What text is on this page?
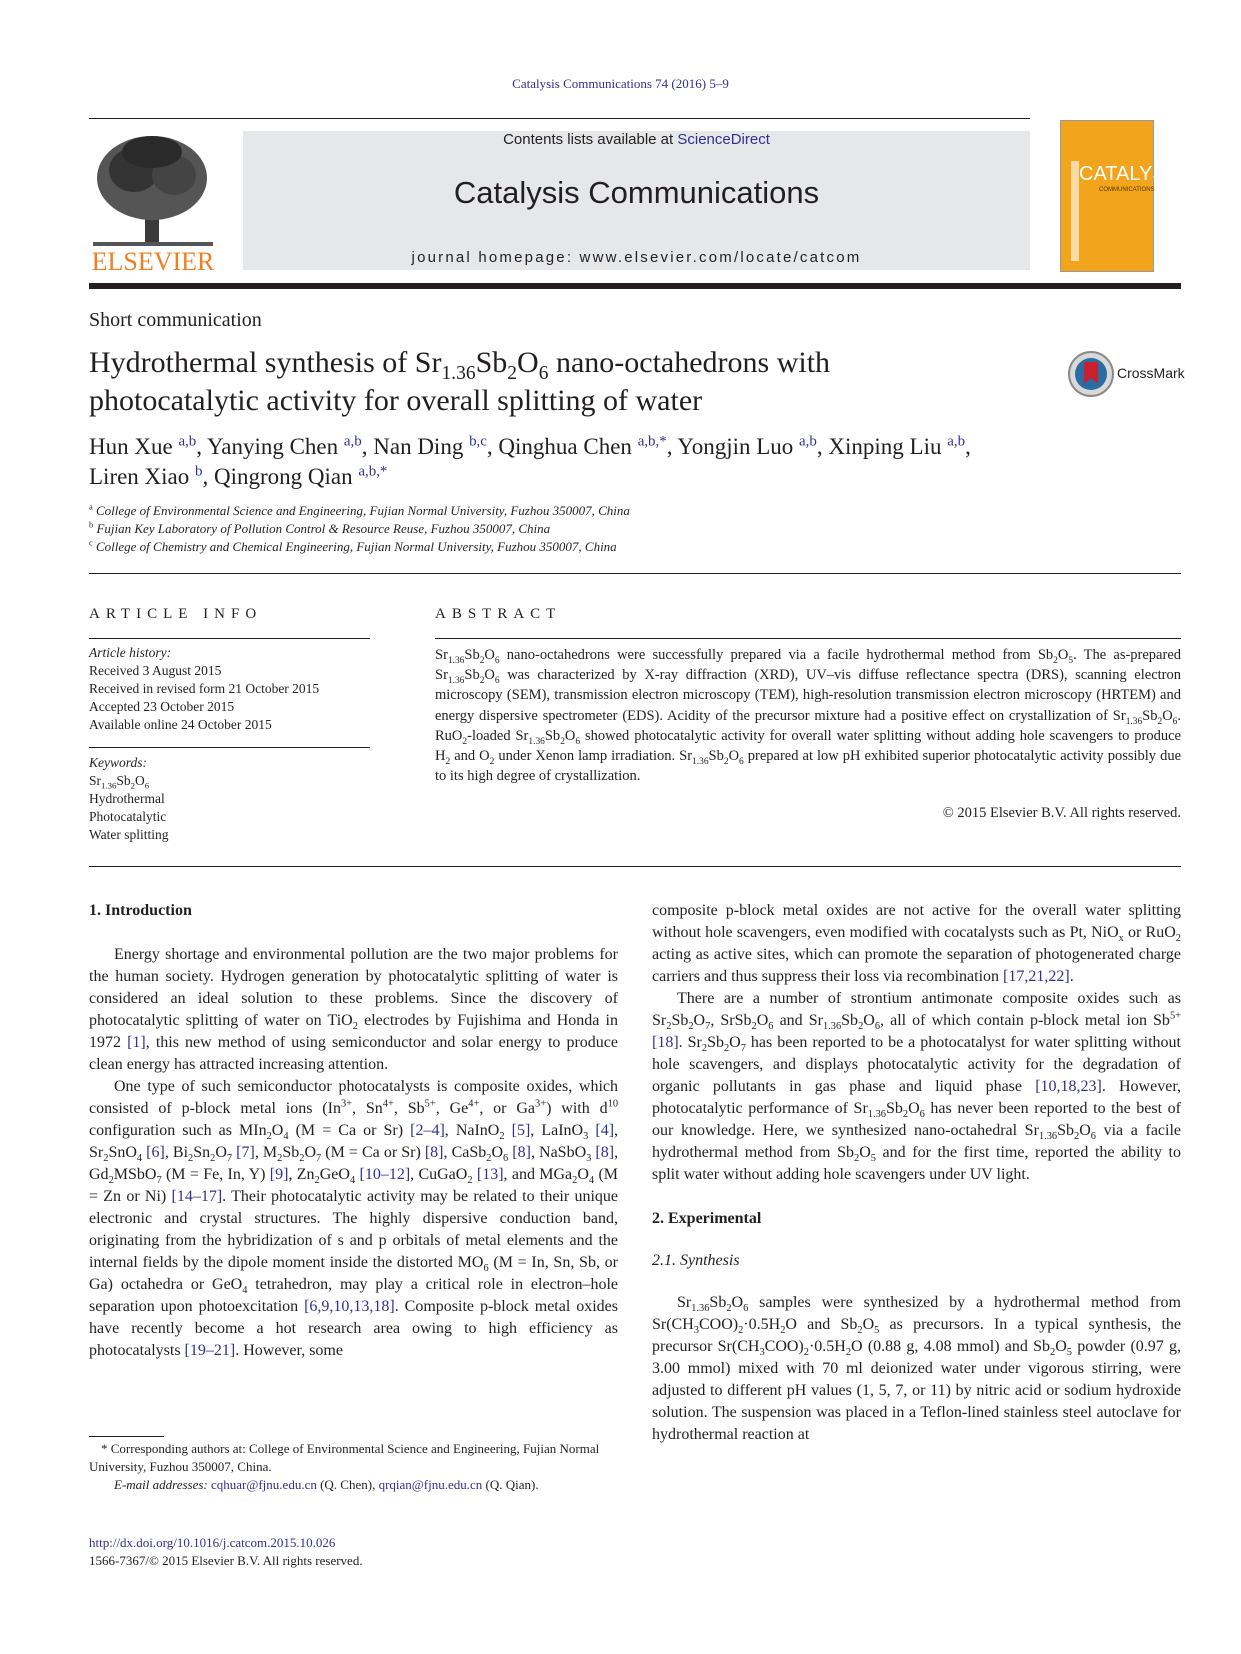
Catalysis Communications 74 (2016) 5–9
ELSEVIER
Contents lists available at ScienceDirect
Catalysis Communications
journal homepage: www.elsevier.com/locate/catcom
CATALYSIS
COMMUNICATIONS
Short communication
Hydrothermal synthesis of $Sr_{1.36}Sb_2O_6$ nano-octahedrons with photocatalytic activity for overall splitting of water
CrossMark
Hun Xue $^{a,b}$, Yanying Chen $^{a,b}$, Nan Ding $^{b,c}$, Qinghua Chen $^{a,b,*}$, Yongjin Luo $^{a,b}$, Xinping Liu $^{a,b}$,
Liren Xiao $^b$, Qingrong Qian $^{a,b,*}$
$^a$ College of Environmental Science and Engineering, Fujian Normal University, Fuzhou 350007, China
$^b$ Fujian Key Laboratory of Pollution Control & Resource Reuse, Fuzhou 350007, China
$^c$ College of Chemistry and Chemical Engineering, Fujian Normal University, Fuzhou 350007, China
ARTICLE INFO
Article history:
Received 3 August 2015
Received in revised form 21 October 2015
Accepted 23 October 2015
Available online 24 October 2015
Keywords:
$Sr_{1.36}Sb_2O_6$
Hydrothermal
Photocatalytic
Water splitting
ABSTRACT
$Sr_{1.36}Sb_2O_6$ nano-octahedrons were successfully prepared via a facile hydrothermal method from $Sb_2O_5$. The as-prepared $Sr_{1.36}Sb_2O_6$ was characterized by X-ray diffraction (XRD), UV–vis diffuse reflectance spectra (DRS), scanning electron microscopy (SEM), transmission electron microscopy (TEM), high-resolution transmission electron microscopy (HRTEM) and energy dispersive spectrometer (EDS). Acidity of the precursor mixture had a positive effect on crystallization of $Sr_{1.36}Sb_2O_6$. RuO$_2$-loaded $Sr_{1.36}Sb_2O_6$ showed photocatalytic activity for overall water splitting without adding hole scavengers to produce $H_2$ and $O_2$ under Xenon lamp irradiation. $Sr_{1.36}Sb_2O_6$ prepared at low pH exhibited superior photocatalytic activity possibly due to its high degree of crystallization.
© 2015 Elsevier B.V. All rights reserved.
1. Introduction

Energy shortage and environmental pollution are the two major problems for the human society. Hydrogen generation by photocatalytic splitting of water is considered an ideal solution to these problems. Since the discovery of photocatalytic splitting of water on TiO$_2$ electrodes by Fujishima and Honda in 1972 [1], this new method of using semiconductor and solar energy to produce clean energy has attracted increasing attention.

One type of such semiconductor photocatalysts is composite oxides, which consisted of p-block metal ions ($In^{3+}$, $Sn^{4+}$, $Sb^{5+}$, $Ge^{4+}$, or $Ga^{3+}$) with $d^{10}$ configuration such as $MIn_2O_4$ (M = Ca or Sr) [2–4], NaInO$_2$ [5], LaInO$_3$ [4], $Sr_2SnO_4$ [6], $Bi_2Sn_2O_7$ [7], $M_2Sb_2O_7$ (M = Ca or Sr) [8], $CaSb_2O_6$ [8], NaSbO$_3$ [8], $Gd_2MSbO_7$ (M = Fe, In, Y) [9], $Zn_2GeO_4$ [10–12], CuGaO$_2$ [13], and $MGa_2O_4$ (M = Zn or Ni) [14–17]. Their photocatalytic activity may be related to their unique electronic and crystal structures. The highly dispersive conduction band, originating from the hybridization of s and p orbitals of metal elements and the internal fields by the dipole moment inside the distorted $MO_6$ (M = In, Sn, Sb, or Ga) octahedra or GeO$_4$ tetrahedron, may play a critical role in electron–hole separation upon photoexcitation [6,9,10,13,18]. Composite p-block metal oxides have recently become a hot research area owing to high efficiency as photocatalysts [19–21]. However, some

composite p-block metal oxides are not active for the overall water splitting without hole scavengers, even modified with cocatalysts such as Pt, NiO$_x$ or RuO$_2$ acting as active sites, which can promote the separation of photogenerated charge carriers and thus suppress their loss via recombination [17,21,22].

There are a number of strontium antimonate composite oxides such as $Sr_2Sb_2O_7$, $SrSb_2O_6$ and $Sr_{1.36}Sb_2O_6$, all of which contain p-block metal ion $Sb^{5+}$ [18]. $Sr_2Sb_2O_7$ has been reported to be a photocatalyst for water splitting without hole scavengers, and displays photocatalytic activity for the degradation of organic pollutants in gas phase and liquid phase [10,18,23]. However, photocatalytic performance of $Sr_{1.36}Sb_2O_6$ has never been reported to the best of our knowledge. Here, we synthesized nano-octahedral $Sr_{1.36}Sb_2O_6$ via a facile hydrothermal method from $Sb_2O_5$ and for the first time, reported the ability to split water without adding hole scavengers under UV light.

2. Experimental
2.1. Synthesis

$Sr_{1.36}Sb_2O_6$ samples were synthesized by a hydrothermal method from $Sr(CH_3COO)_2\cdot 0.5H_2O$ and $Sb_2O_5$ as precursors. In a typical synthesis, the precursor $Sr(CH_3COO)_2\cdot 0.5H_2O$ (0.88 g, 4.08 mmol) and $Sb_2O_5$ powder (0.97 g, 3.00 mmol) mixed with 70 ml deionized water under vigorous stirring, were adjusted to different pH values (1, 5, 7, or 11) by nitric acid or sodium hydroxide solution. The suspension was placed in a Teflon-lined stainless steel autoclave for hydrothermal reaction at

* Corresponding authors at: College of Environmental Science and Engineering, Fujian Normal University, Fuzhou 350007, China.
E-mail addresses: cqhuar@fjnu.edu.cn (Q. Chen), qrqian@fjnu.edu.cn (Q. Qian).
http://dx.doi.org/10.1016/j.catcom.2015.10.026
1566-7367/© 2015 Elsevier B.V. All rights reserved.
